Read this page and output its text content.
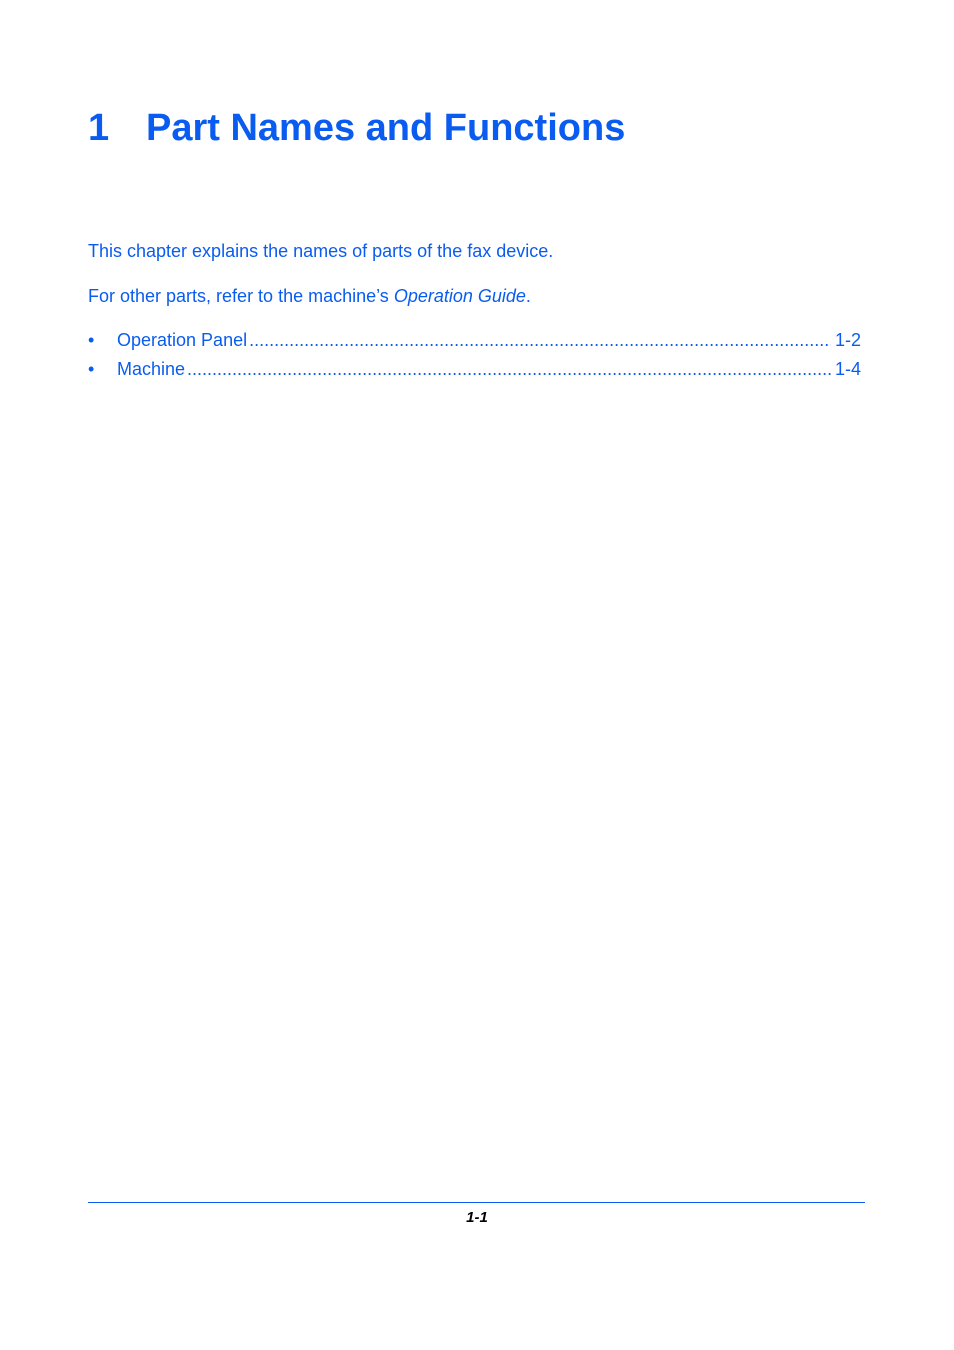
1 Part Names and Functions

This chapter explains the names of parts of the fax device.

For other parts, refer to the machine’s Operation Guide.

•	Operation Panel .....	1-2
•	Machine .....	1-4
1-1
